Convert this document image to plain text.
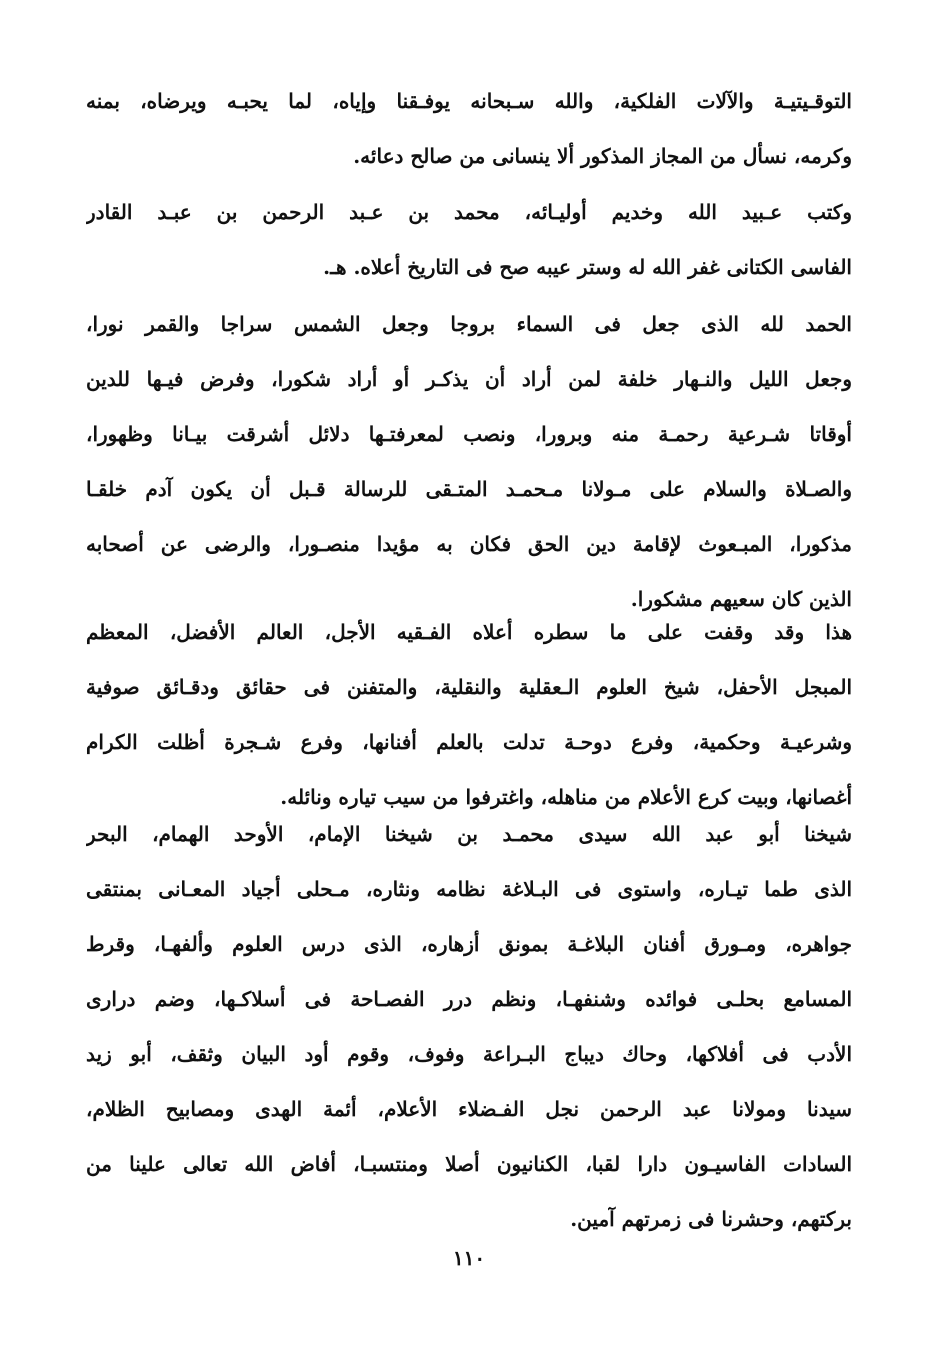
التوقـيتيـة والآلات الفلكية، والله سـبحانه يوفـقنا وإياه، لما يحبـه ويرضاه، بمنه
وكرمه، نسأل من المجاز المذكور ألا ينسانى من صالح دعائه.
وكتب عـبيد الله وخديم أوليـائه، محمد بن عـبد الرحمن بن عبـد القادر
الفاسى الكتانى غفر الله له وستر عيبه صح فى التاريخ أعلاه. هـ.
الحمد لله الذى جعل فى السماء بروجا وجعل الشمس سراجا والقمر نورا،
وجعل الليل والنـهار خلفة لمن أراد أن يذكـر أو أراد شكورا، وفرض فيـها للدين
أوقاتا شـرعية رحمـة منه وبرورا، ونصب لمعرفتـها دلائل أشرقت بيـانا وظهورا،
والصـلاة والسلام على مـولانا مـحمـد المتـقى للرسالة قـبل أن يكون آدم خلقـا
مذكورا، المبـعوث لإقامة دين الحق فكان به مؤيدا منصـورا، والرضى عن أصحابه
الذين كان سعيهم مشكورا.
هذا وقد وقفت على ما سطره أعلاه الفـقيه الأجل، العالم الأفضل، المعظم
المبجل الأحفل، شيخ العلوم الـعقلية والنقلية، والمتفنن فى حقائق ودقـائق صوفية
وشرعيـة وحكمية، وفرع دوحـة تدلت بالعلم أفنانها، وفرع شـجرة أظلت الكرام
أغصانها، وبيت كرع الأعلام من مناهله، واغترفوا من سيب تياره ونائله.
شيخنا أبو عبد الله سيدى محمـد بن شيخنا الإمام، الأوحد الهمام، البحر
الذى طما تيـاره، واستوى فى البـلاغة نظامه ونثاره، مـحلى أجياد المعـانى بمنتقى
جواهره، ومـورق أفنان البلاغـة بمونق أزهاره، الذى درس العلوم وألفهـا، وقرط
المسامع بحلـى فوائده وشنفهـا، ونظم درر الفصـاحة فى أسلاكـها، وضم درارى
الأدب فى أفلاكها، وحاك ديباج البـراعة وفوف، وقوم أود البيان وثقف، أبو زيد
سيدنا ومولانا عبد الرحمن نجل الفـضلاء الأعلام، أئمة الهدى ومصابيح الظلام،
السادات الفاسيـون دارا لقبا، الكنانيون أصلا ومنتسبـا، أفاض الله تعالى علينا من
بركتهم، وحشرنا فى زمرتهم آمين.
١١٠
